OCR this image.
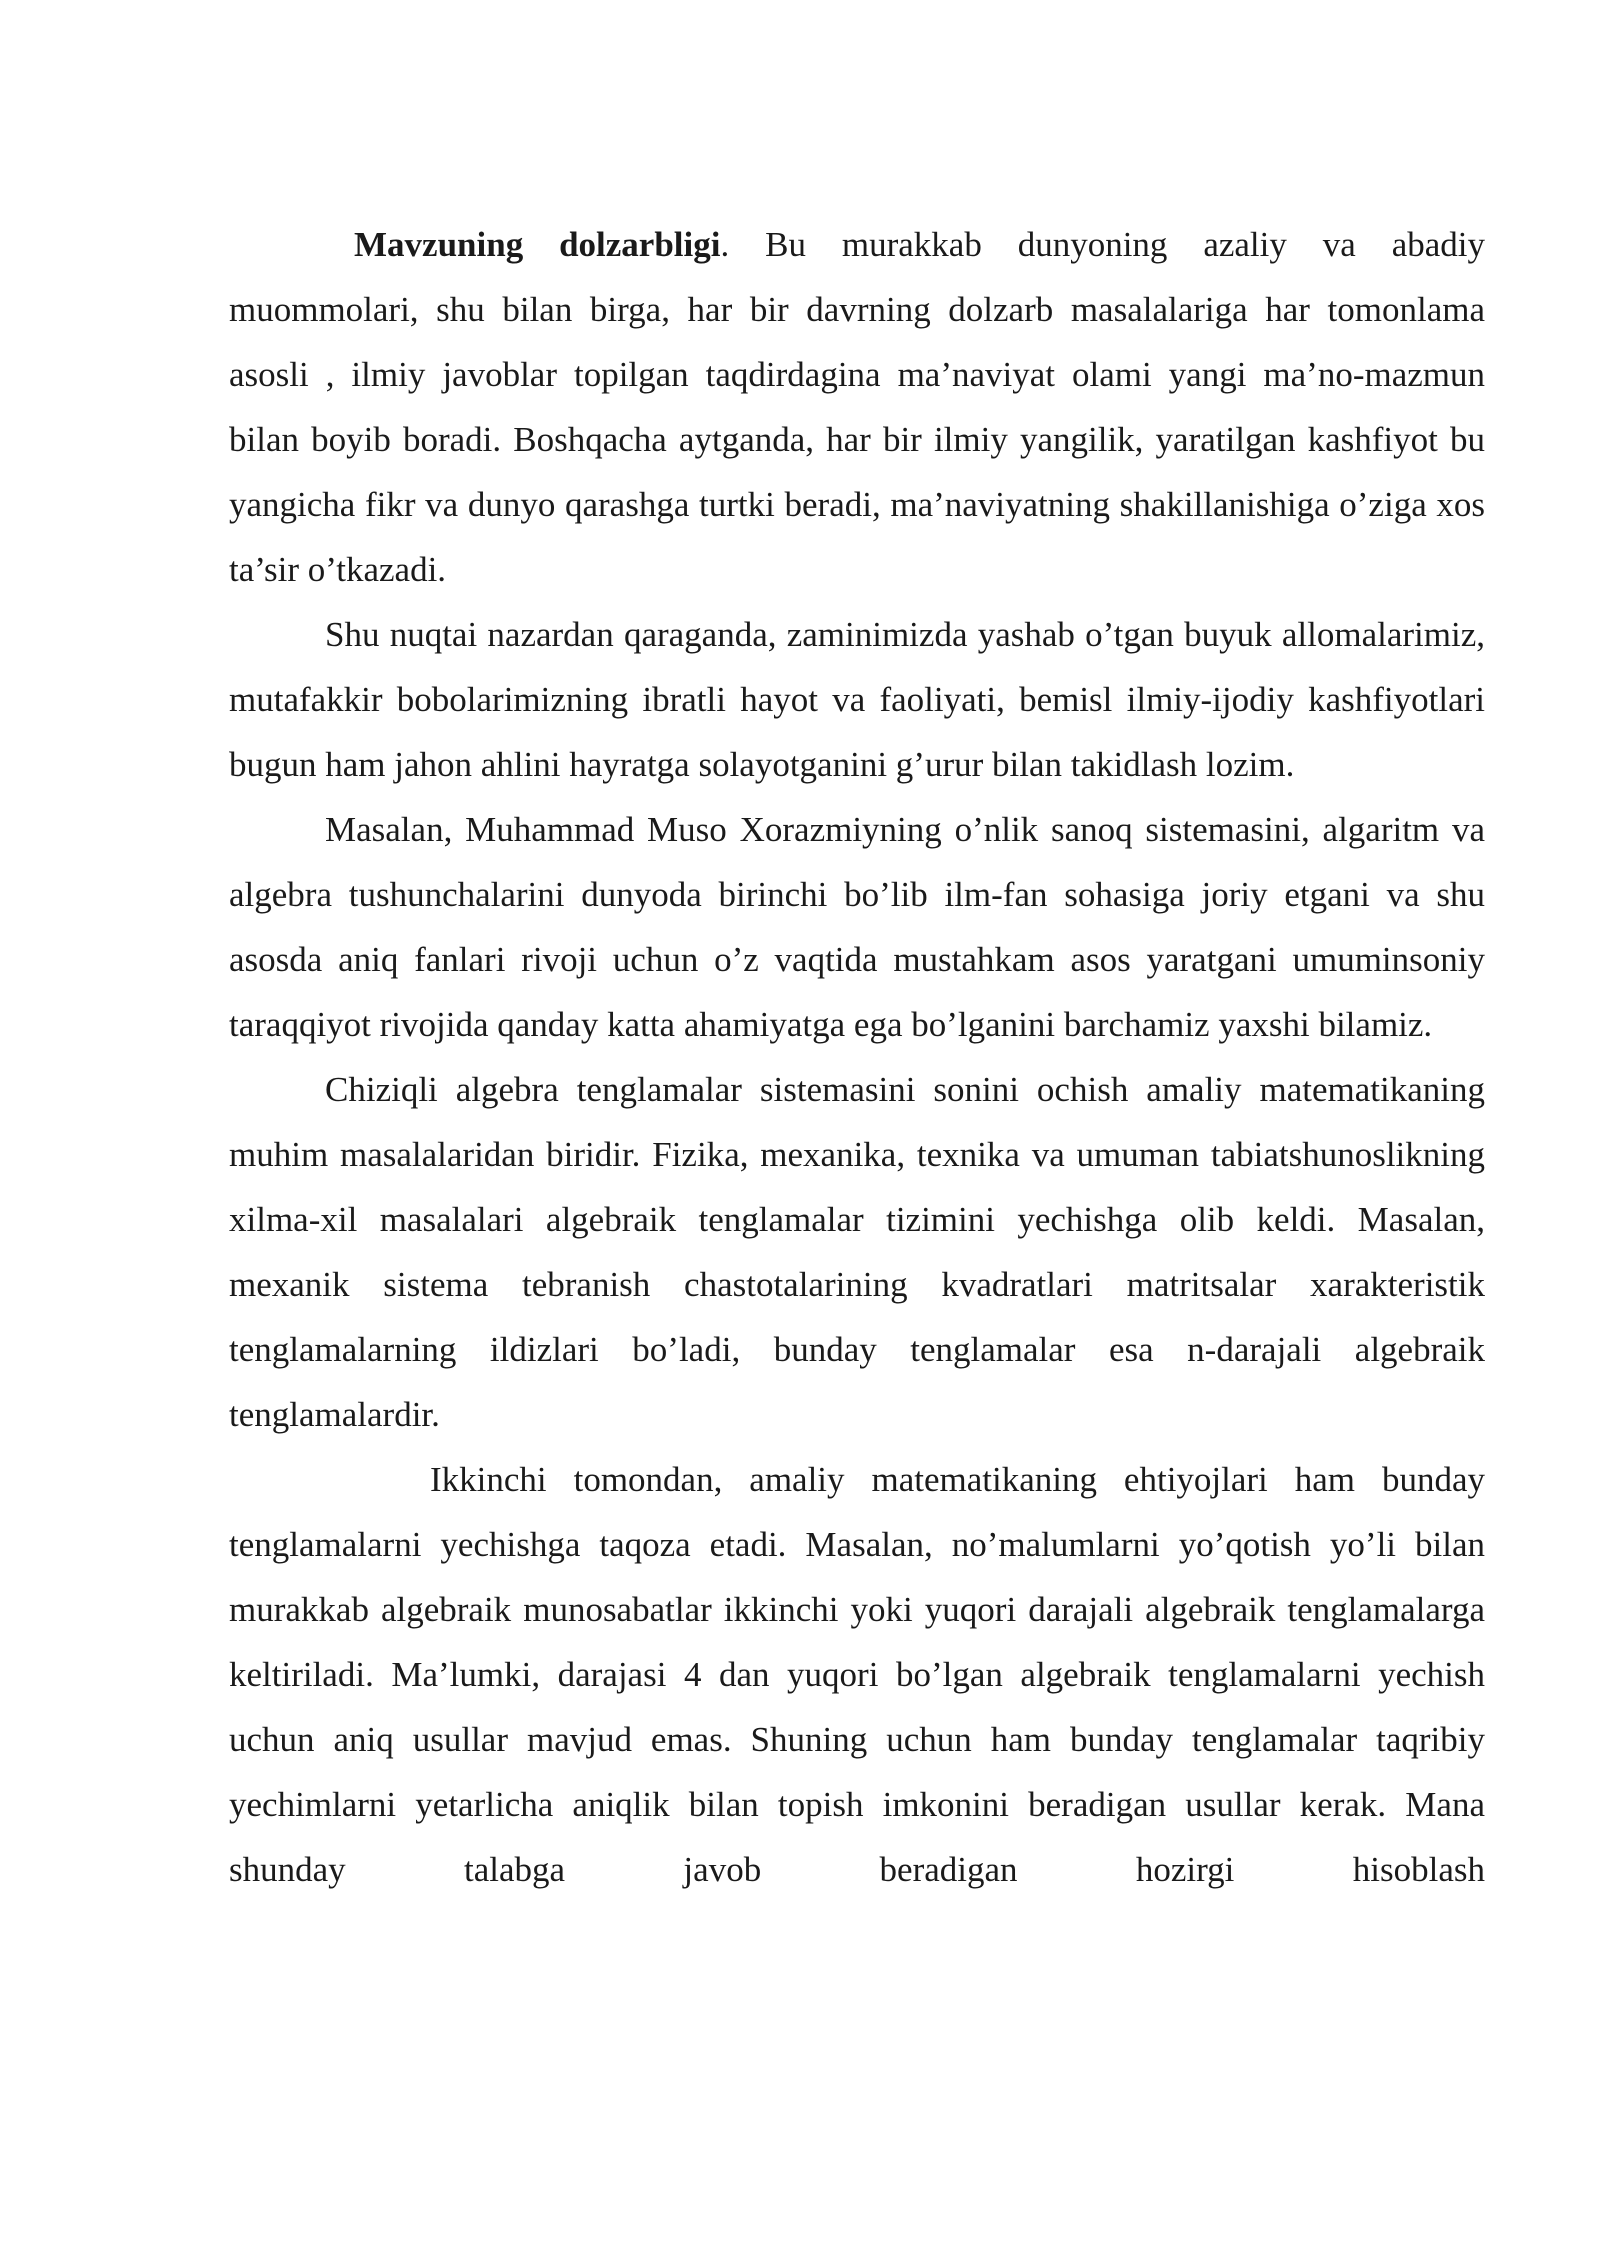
Mavzuning dolzarbligi. Bu murakkab dunyoning azaliy va abadiy muommolari, shu bilan birga, har bir davrning dolzarb masalalariga har tomonlama asosli , ilmiy javoblar topilgan taqdirdagina ma’naviyat olami yangi ma’no-mazmun bilan boyib boradi. Boshqacha aytganda, har bir ilmiy yangilik, yaratilgan kashfiyot bu yangicha fikr va dunyo qarashga turtki beradi, ma’naviyatning shakillanishiga o’ziga xos ta’sir o’tkazadi.

Shu nuqtai nazardan qaraganda, zaminimizda yashab o’tgan buyuk allomalarimiz, mutafakkir bobolarimizning ibratli hayot va faoliyati, bemisl ilmiy-ijodiy kashfiyotlari bugun ham jahon ahlini hayratga solayotganini g’urur bilan takidlash lozim.

Masalan, Muhammad Muso Xorazmiyning o’nlik sanoq sistemasini, algaritm va algebra tushunchalarini dunyoda birinchi bo’lib ilm-fan sohasiga joriy etgani va shu asosda aniq fanlari rivoji uchun o’z vaqtida mustahkam asos yaratgani umuminsoniy taraqqiyot rivojida qanday katta ahamiyatga ega bo’lganini barchamiz yaxshi bilamiz.

Chiziqli algebra tenglamalar sistemasini sonini ochish amaliy matematikaning muhim masalalaridan biridir. Fizika, mexanika, texnika va umuman tabiatshunoslikning xilma-xil masalalari algebraik tenglamalar tizimini yechishga olib keldi. Masalan, mexanik sistema tebranish chastotalarining kvadratlari matritsalar xarakteristik tenglamalarning ildizlari bo’ladi, bunday tenglamalar esa n-darajali algebraik tenglamalardir.

Ikkinchi tomondan, amaliy matematikaning ehtiyojlari ham bunday tenglamalarni yechishga taqoza etadi. Masalan, no’malumlarni yo’qotish yo’li bilan murakkab algebraik munosabatlar ikkinchi yoki yuqori darajali algebraik tenglamalarga keltiriladi. Ma’lumki, darajasi 4 dan yuqori bo’lgan algebraik tenglamalarni yechish uchun aniq usullar mavjud emas. Shuning uchun ham bunday tenglamalar taqribiy yechimlarni yetarlicha aniqlik bilan topish imkonini beradigan usullar kerak. Mana shunday talabga javob beradigan hozirgi hisoblash
